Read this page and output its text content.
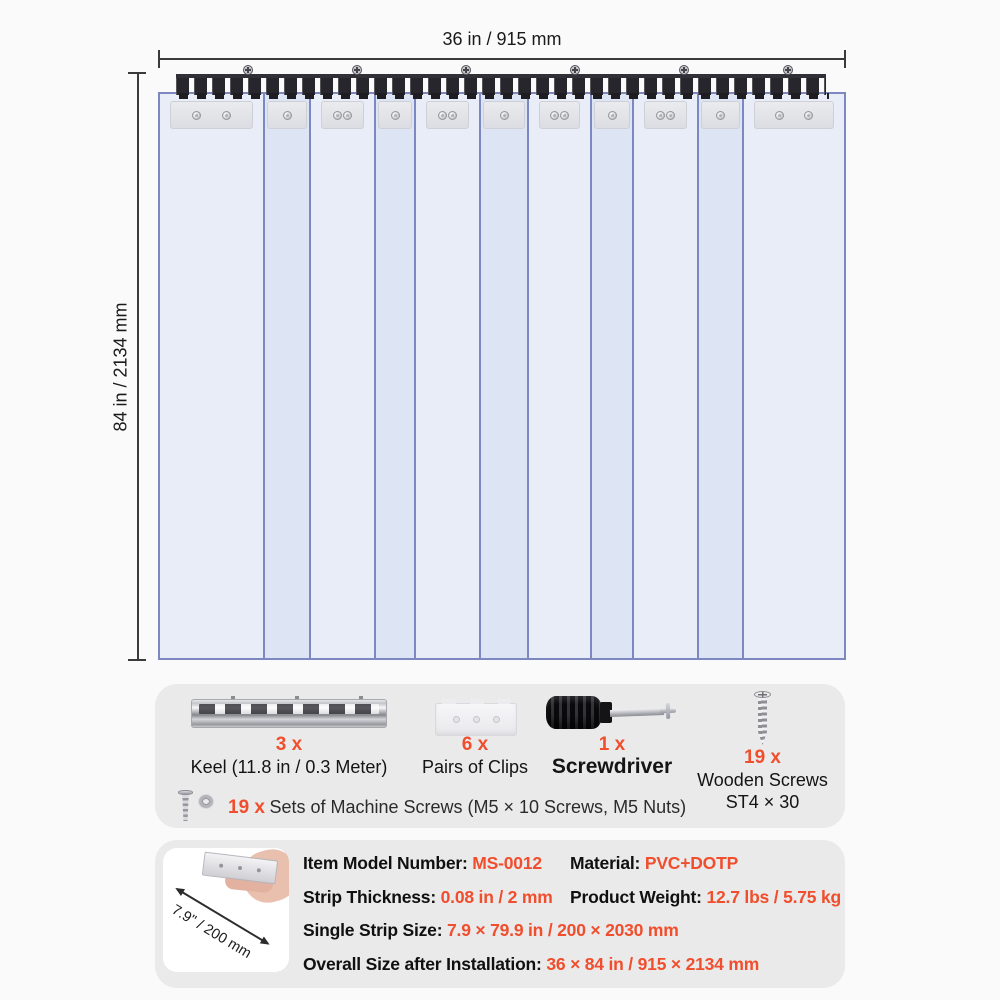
36 in / 915 mm
84 in / 2134 mm
3 x
Keel (11.8 in / 0.3 Meter)
6 x
Pairs of Clips
1 x
Screwdriver	19 x
Wooden Screws
ST4 × 30
19 x Sets of Machine Screws (M5 × 10 Screws, M5 Nuts)
7.9" / 200 mm
Item Model Number: MS-0012 Material: PVC+DOTP
Strip Thickness: 0.08 in / 2 mm Product Weight: 12.7 lbs / 5.75 kg
Single Strip Size: 7.9 × 79.9 in / 200 × 2030 mm
Overall Size after Installation: 36 × 84 in / 915 × 2134 mm
